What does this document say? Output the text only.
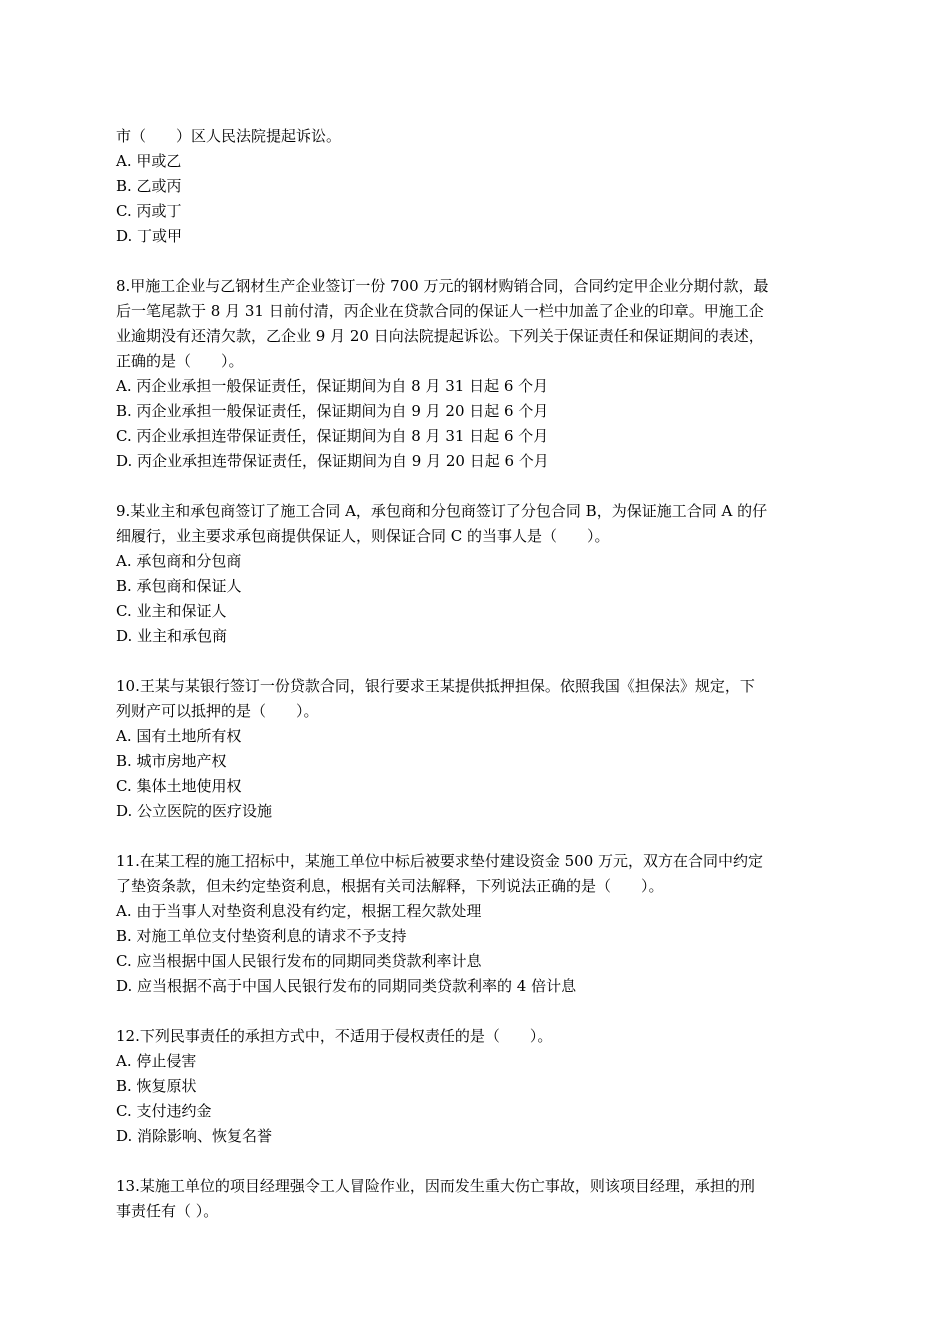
市（　　）区人民法院提起诉讼。
A. 甲或乙
B. 乙或丙
C. 丙或丁
D. 丁或甲
8.甲施工企业与乙钢材生产企业签订一份 700 万元的钢材购销合同，合同约定甲企业分期付款，最
后一笔尾款于 8 月 31 日前付清，丙企业在贷款合同的保证人一栏中加盖了企业的印章。甲施工企
业逾期没有还清欠款，乙企业 9 月 20 日向法院提起诉讼。下列关于保证责任和保证期间的表述，
正确的是（　　）。
A. 丙企业承担一般保证责任，保证期间为自 8 月 31 日起 6 个月
B. 丙企业承担一般保证责任，保证期间为自 9 月 20 日起 6 个月
C. 丙企业承担连带保证责任，保证期间为自 8 月 31 日起 6 个月
D. 丙企业承担连带保证责任，保证期间为自 9 月 20 日起 6 个月
9.某业主和承包商签订了施工合同 A，承包商和分包商签订了分包合同 B，为保证施工合同 A 的仔
细履行，业主要求承包商提供保证人，则保证合同 C 的当事人是（　　）。
A. 承包商和分包商
B. 承包商和保证人
C. 业主和保证人
D. 业主和承包商
10.王某与某银行签订一份贷款合同，银行要求王某提供抵押担保。依照我国《担保法》规定，下
列财产可以抵押的是（　　）。
A. 国有土地所有权
B. 城市房地产权
C. 集体土地使用权
D. 公立医院的医疗设施
11.在某工程的施工招标中，某施工单位中标后被要求垫付建设资金 500 万元，双方在合同中约定
了垫资条款，但未约定垫资利息，根据有关司法解释，下列说法正确的是（　　）。
A. 由于当事人对垫资利息没有约定，根据工程欠款处理
B. 对施工单位支付垫资利息的请求不予支持
C. 应当根据中国人民银行发布的同期同类贷款利率计息
D. 应当根据不高于中国人民银行发布的同期同类贷款利率的 4 倍计息
12.下列民事责任的承担方式中，不适用于侵权责任的是（　　）。
A. 停止侵害
B. 恢复原状
C. 支付违约金
D. 消除影响、恢复名誉
13.某施工单位的项目经理强令工人冒险作业，因而发生重大伤亡事故，则该项目经理，承担的刑
事责任有（ ）。
